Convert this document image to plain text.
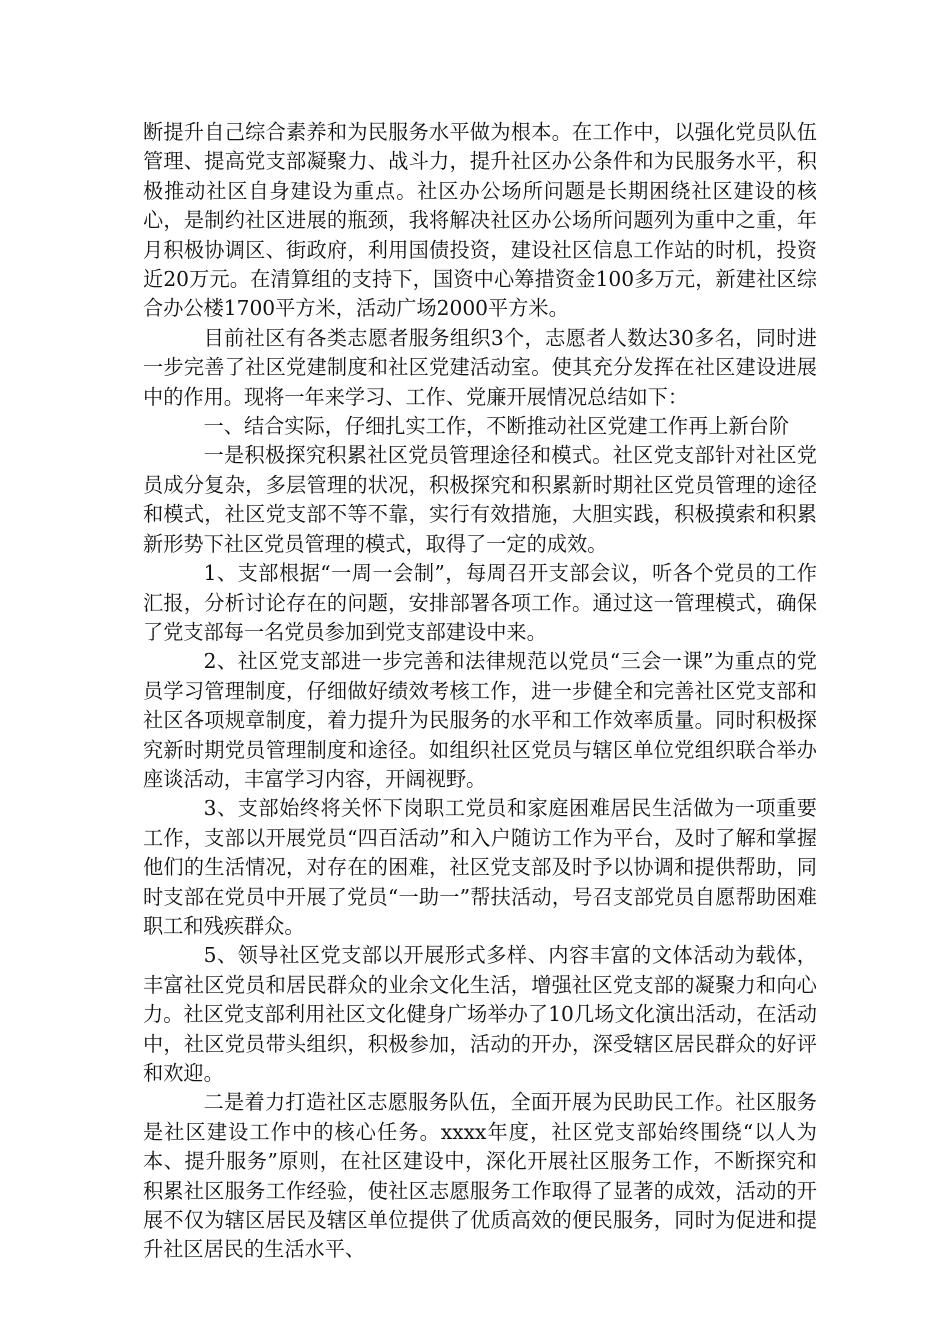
断提升自己综合素养和为民服务水平做为根本。在工作中，以强化党员队伍管理、提高党支部凝聚力、战斗力，提升社区办公条件和为民服务水平，积极推动社区自身建设为重点。社区办公场所问题是长期困绕社区建设的核心，是制约社区进展的瓶颈，我将解决社区办公场所问题列为重中之重，年月积极协调区、街政府，利用国债投资，建设社区信息工作站的时机，投资近20万元。在清算组的支持下，国资中心筹措资金100多万元，新建社区综合办公楼1700平方米，活动广场2000平方米。

目前社区有各类志愿者服务组织3个，志愿者人数达30多名，同时进一步完善了社区党建制度和社区党建活动室。使其充分发挥在社区建设进展中的作用。现将一年来学习、工作、党廉开展情况总结如下：

一、结合实际，仔细扎实工作，不断推动社区党建工作再上新台阶

一是积极探究积累社区党员管理途径和模式。社区党支部针对社区党员成分复杂，多层管理的状况，积极探究和积累新时期社区党员管理的途径和模式，社区党支部不等不靠，实行有效措施，大胆实践，积极摸索和积累新形势下社区党员管理的模式，取得了一定的成效。

1、支部根据“一周一会制”，每周召开支部会议，听各个党员的工作汇报，分析讨论存在的问题，安排部署各项工作。通过这一管理模式，确保了党支部每一名党员参加到党支部建设中来。

2、社区党支部进一步完善和法律规范以党员“三会一课”为重点的党员学习管理制度，仔细做好绩效考核工作，进一步健全和完善社区党支部和社区各项规章制度，着力提升为民服务的水平和工作效率质量。同时积极探究新时期党员管理制度和途径。如组织社区党员与辖区单位党组织联合举办座谈活动，丰富学习内容，开阔视野。

3、支部始终将关怀下岗职工党员和家庭困难居民生活做为一项重要工作，支部以开展党员“四百活动”和入户随访工作为平台，及时了解和掌握他们的生活情况，对存在的困难，社区党支部及时予以协调和提供帮助，同时支部在党员中开展了党员“一助一”帮扶活动，号召支部党员自愿帮助困难职工和残疾群众。

5、领导社区党支部以开展形式多样、内容丰富的文体活动为载体，丰富社区党员和居民群众的业余文化生活，增强社区党支部的凝聚力和向心力。社区党支部利用社区文化健身广场举办了10几场文化演出活动，在活动中，社区党员带头组织，积极参加，活动的开办，深受辖区居民群众的好评和欢迎。

二是着力打造社区志愿服务队伍，全面开展为民助民工作。社区服务是社区建设工作中的核心任务。xxxx年度，社区党支部始终围绕“以人为本、提升服务”原则，在社区建设中，深化开展社区服务工作，不断探究和积累社区服务工作经验，使社区志愿服务工作取得了显著的成效，活动的开展不仅为辖区居民及辖区单位提供了优质高效的便民服务，同时为促进和提升社区居民的生活水平、
